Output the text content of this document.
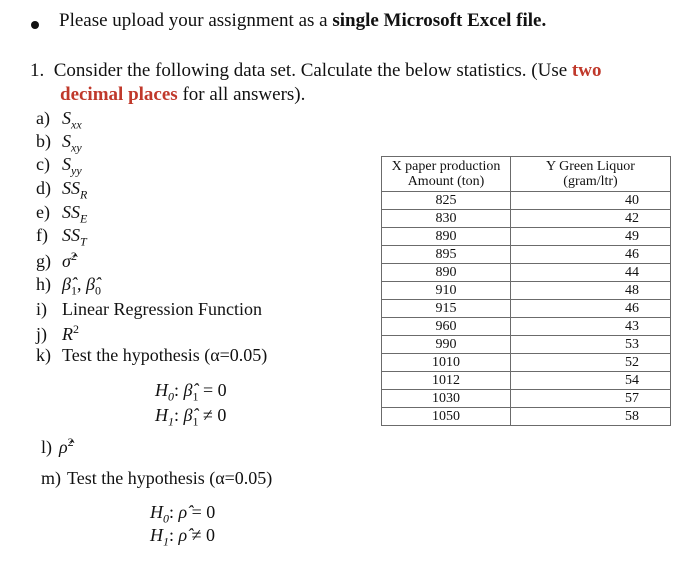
Please upload your assignment as a single Microsoft Excel file.
1. Consider the following data set. Calculate the below statistics. (Use two
decimal places for all answers).
a) $S_{xx}$
b) $S_{xy}$
c) $S_{yy}$
d) $SS_R$
e) $SS_E$
f) $SS_T$
g) σ̂$^2$
h) $\betâ_1$, $\betâ_0$
i) Linear Regression Function
j) $R^2$
k) Test the hypothesis (α=0.05)
$H_0$: $\betâ_1 = 0$
$H_1$: $\betâ_1 \ne 0$
l) ρ̂$^2$
m) Test the hypothesis (α=0.05)
$H_0$: ρ̂ = 0
$H_1$: ρ̂ ≠ 0
X paper production
Amount (ton)	Y Green Liquor
(gram/ltr)
825	40
830	42
890	49
895	46
890	44
910	48
915	46
960	43
990	53
1010	52
1012	54
1030	57
1050	58
